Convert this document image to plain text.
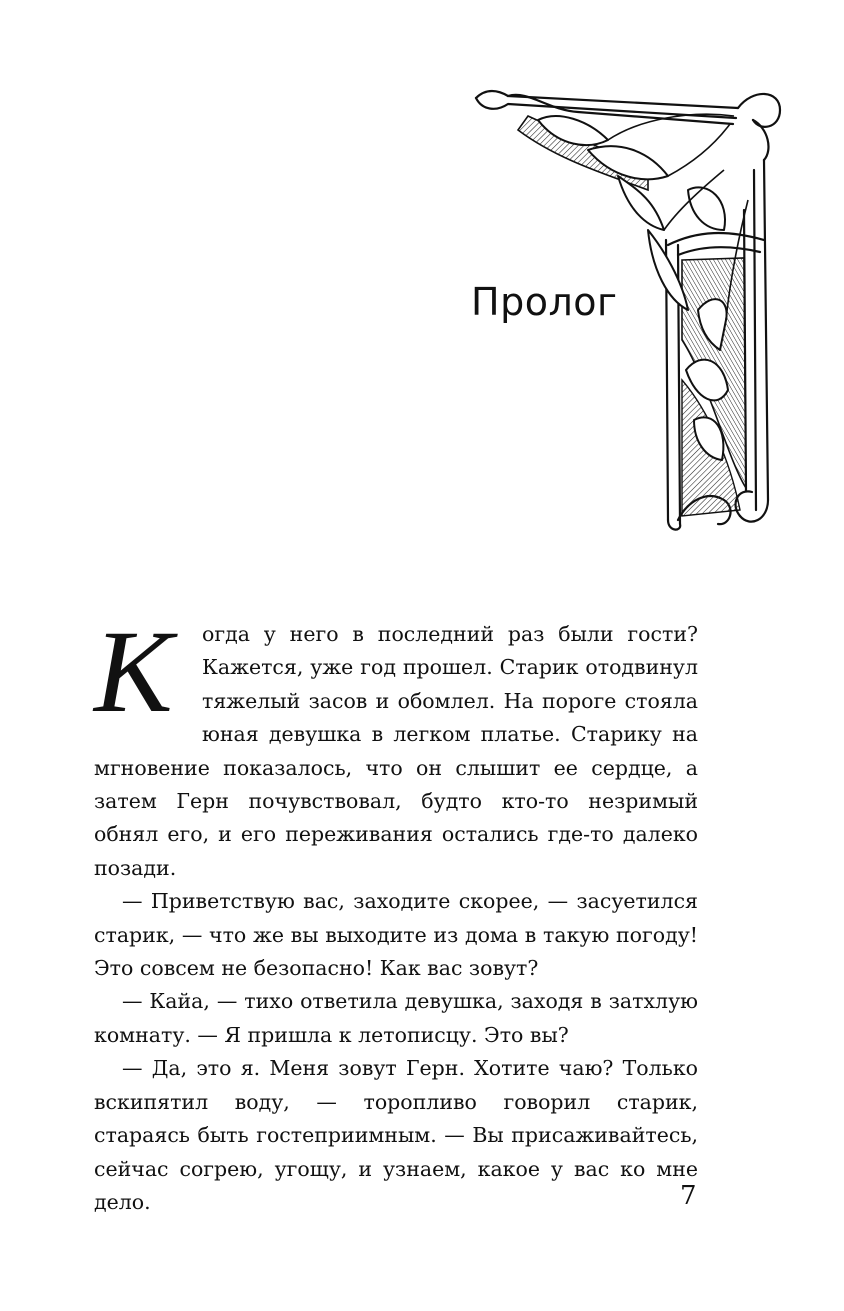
Пролог

К	огда у него в последний раз были гости? Кажется, уже год прошел. Старик отодвинул тяжелый засов и обомлел. На пороге стояла юная девушка в легком платье. Старику на мгновение показалось, что он слышит ее сердце, а затем Герн почувствовал, будто кто-то незримый обнял его, и его переживания остались где-то далеко позади.

— Приветствую вас, заходите скорее, — засуетился старик, — что же вы выходите из дома в такую погоду! Это совсем не безопасно! Как вас зовут?

— Кайа, — тихо ответила девушка, заходя в затхлую комнату. — Я пришла к летописцу. Это вы?

— Да, это я. Меня зовут Герн. Хотите чаю? Только вскипятил воду, — торопливо говорил старик, стараясь быть гостеприимным. — Вы присаживайтесь, сейчас согрею, угощу, и узнаем, какое у вас ко мне дело.	7
